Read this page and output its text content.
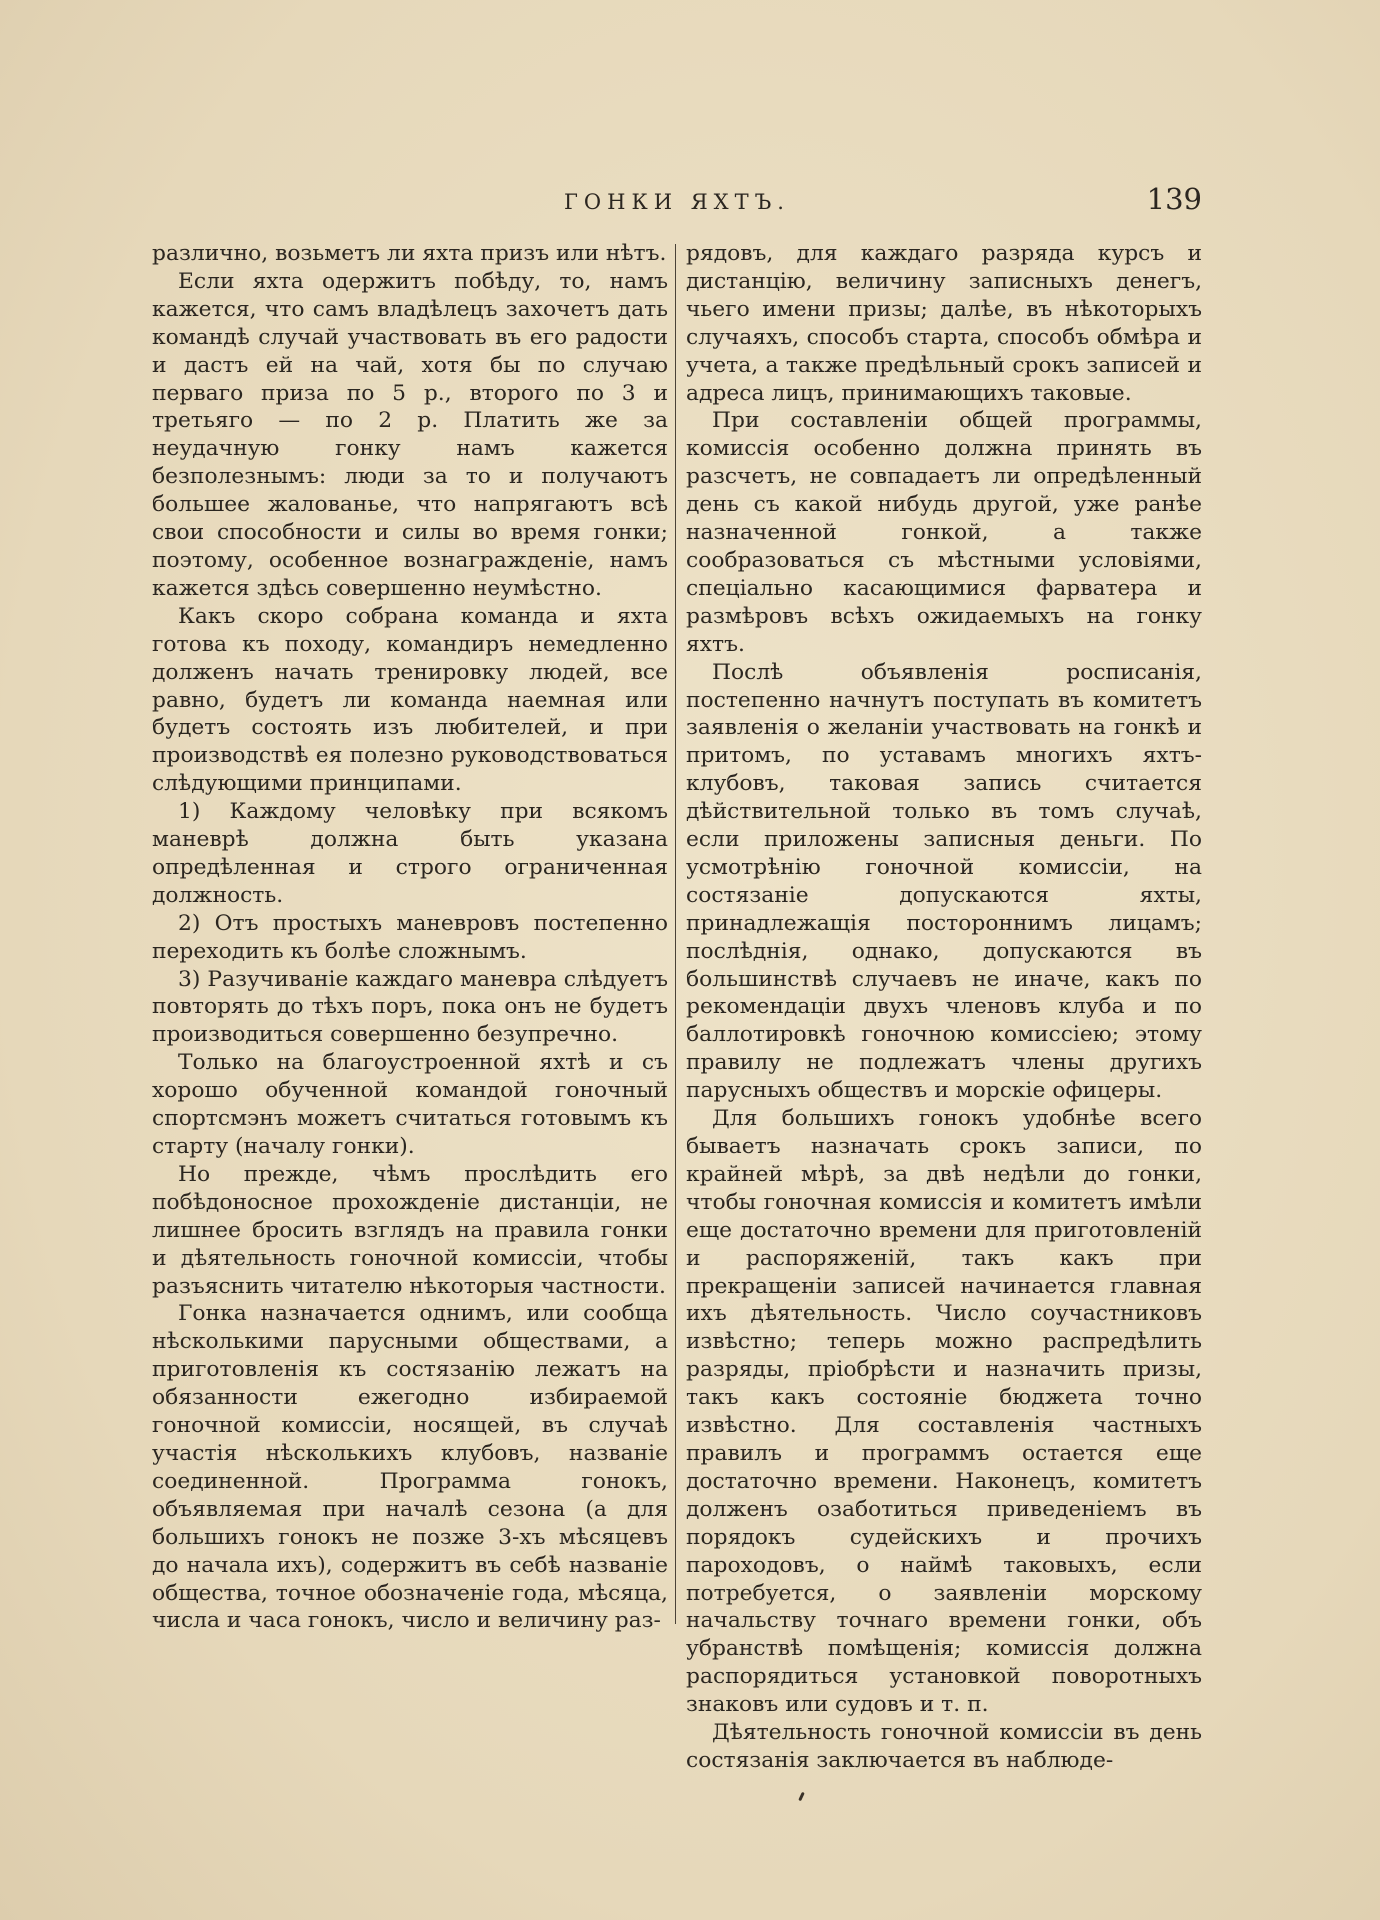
ГОНКИ ЯХТЪ.	139

различно, возьметъ ли яхта призъ или нѣтъ.

Если яхта одержитъ побѣду, то, намъ кажется, что самъ владѣлецъ захочетъ дать командѣ случай участвовать въ его радости и дастъ ей на чай, хотя бы по случаю перваго приза по 5 р., второго по 3 и третьяго — по 2 р. Платить же за неудачную гонку намъ кажется безполезнымъ: люди за то и получаютъ большее жалованье, что напрягаютъ всѣ свои способности и силы во время гонки; поэтому, особенное вознагражденіе, намъ кажется здѣсь совершенно неумѣстно.

Какъ скоро собрана команда и яхта готова къ походу, командиръ немедленно долженъ начать тренировку людей, все равно, будетъ ли команда наемная или будетъ состоять изъ любителей, и при производствѣ ея полезно руководствоваться слѣдующими принципами.

1) Каждому человѣку при всякомъ маневрѣ должна быть указана опредѣленная и строго ограниченная должность.

2) Отъ простыхъ маневровъ постепенно переходить къ болѣе сложнымъ.

3) Разучиваніе каждаго маневра слѣдуетъ повторять до тѣхъ поръ, пока онъ не будетъ производиться совершенно безупречно.

Только на благоустроенной яхтѣ и съ хорошо обученной командой гоночный спортсмэнъ можетъ считаться готовымъ къ старту (началу гонки).

Но прежде, чѣмъ прослѣдить его побѣдоносное прохожденіе дистанціи, не лишнее бросить взглядъ на правила гонки и дѣятельность гоночной комиссіи, чтобы разъяснить читателю нѣкоторыя частности.

Гонка назначается однимъ, или сообща нѣсколькими парусными обществами, а приготовленія къ состязанію лежатъ на обязанности ежегодно избираемой гоночной комиссіи, носящей, въ случаѣ участія нѣсколькихъ клубовъ, названіе соединенной. Программа гонокъ, объявляемая при началѣ сезона (а для большихъ гонокъ не позже 3-хъ мѣсяцевъ до начала ихъ), содержитъ въ себѣ названіе общества, точное обозначеніе года, мѣсяца, числа и часа гонокъ, число и величину раз-

рядовъ, для каждаго разряда курсъ и дистанцію, величину записныхъ денегъ, чьего имени призы; далѣе, въ нѣкоторыхъ случаяхъ, способъ старта, способъ обмѣра и учета, а также предѣльный срокъ записей и адреса лицъ, принимающихъ таковые.

При составленіи общей программы, комиссія особенно должна принять въ разсчетъ, не совпадаетъ ли опредѣленный день съ какой нибудь другой, уже ранѣе назначенной гонкой, а также сообразоваться съ мѣстными условіями, спеціально касающимися фарватера и размѣровъ всѣхъ ожидаемыхъ на гонку яхтъ.

Послѣ объявленія росписанія, постепенно начнутъ поступать въ комитетъ заявленія о желаніи участвовать на гонкѣ и притомъ, по уставамъ многихъ яхтъ-клубовъ, таковая запись считается дѣйствительной только въ томъ случаѣ, если приложены записныя деньги. По усмотрѣнію гоночной комиссіи, на состязаніе допускаются яхты, принадлежащія постороннимъ лицамъ; послѣднія, однако, допускаются въ большинствѣ случаевъ не иначе, какъ по рекомендаціи двухъ членовъ клуба и по баллотировкѣ гоночною комиссіею; этому правилу не подлежатъ члены другихъ парусныхъ обществъ и морскіе офицеры.

Для большихъ гонокъ удобнѣе всего бываетъ назначать срокъ записи, по крайней мѣрѣ, за двѣ недѣли до гонки, чтобы гоночная комиссія и комитетъ имѣли еще достаточно времени для приготовленій и распоряженій, такъ какъ при прекращеніи записей начинается главная ихъ дѣятельность. Число соучастниковъ извѣстно; теперь можно распредѣлить разряды, пріобрѣсти и назначить призы, такъ какъ состояніе бюджета точно извѣстно. Для составленія частныхъ правилъ и программъ остается еще достаточно времени. Наконецъ, комитетъ долженъ озаботиться приведеніемъ въ порядокъ судейскихъ и прочихъ пароходовъ, о наймѣ таковыхъ, если потребуется, о заявленіи морскому начальству точнаго времени гонки, объ убранствѣ помѣщенія; комиссія должна распорядиться установкой поворотныхъ знаковъ или судовъ и т. п.

Дѣятельность гоночной комиссіи въ день состязанія заключается въ наблюде-
